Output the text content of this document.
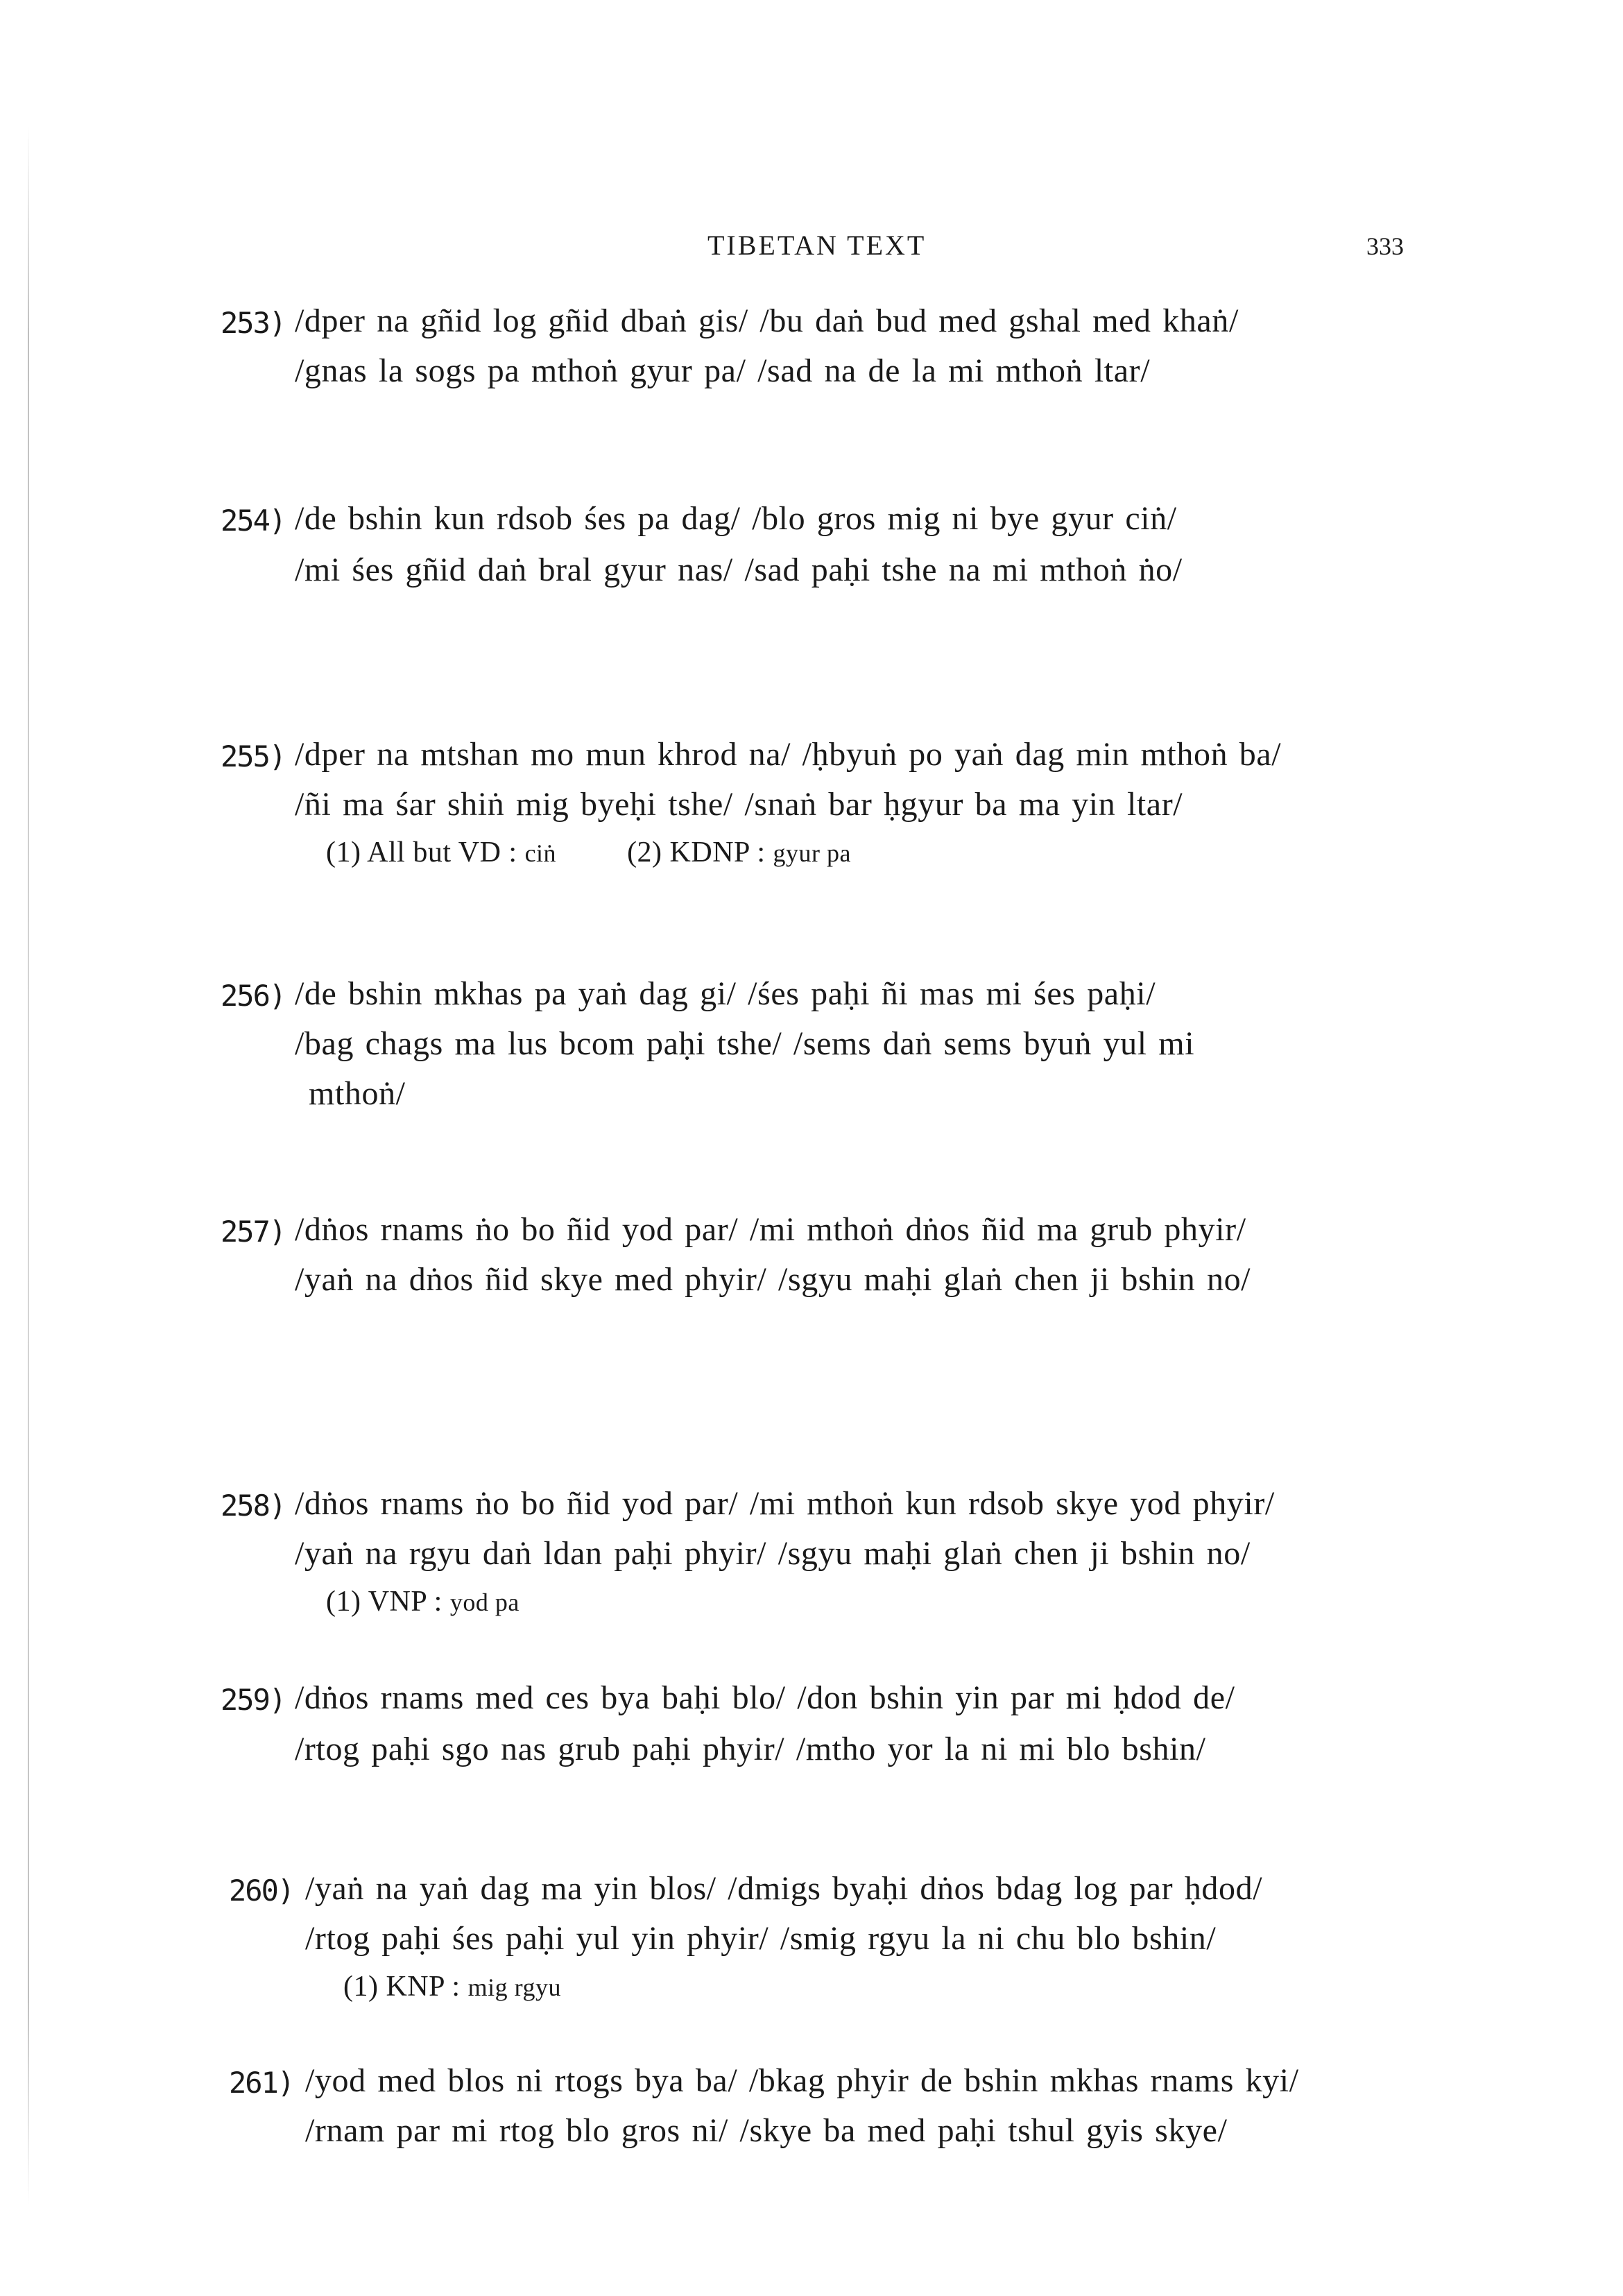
TIBETAN TEXT	333
253) /dper na gñid log gñid dbaṅ gis/ /bu daṅ bud med gshal med khaṅ/
/gnas la sogs pa mthoṅ gyur pa/ /sad na de la mi mthoṅ ltar/
254) /de bshin kun rdsob śes pa dag/ /blo gros mig ni bye gyur ciṅ/
/mi śes gñid daṅ bral gyur nas/ /sad paḥi tshe na mi mthoṅ ṅo/
255) /dper na mtshan mo mun khrod na/ /ḥbyuṅ po yaṅ dag min mthoṅ ba/
/ñi ma śar shiṅ mig byeḥi tshe/ /snaṅ bar ḥgyur ba ma yin ltar/
(1) All but VD : ciṅ (2) KDNP : gyur pa
256) /de bshin mkhas pa yaṅ dag gi/ /śes paḥi ñi mas mi śes paḥi/
/bag chags ma lus bcom paḥi tshe/ /sems daṅ sems byuṅ yul mi
mthoṅ/
257) /dṅos rnams ṅo bo ñid yod par/ /mi mthoṅ dṅos ñid ma grub phyir/
/yaṅ na dṅos ñid skye med phyir/ /sgyu maḥi glaṅ chen ji bshin no/
258) /dṅos rnams ṅo bo ñid yod par/ /mi mthoṅ kun rdsob skye yod phyir/
/yaṅ na rgyu daṅ ldan paḥi phyir/ /sgyu maḥi glaṅ chen ji bshin no/
(1) VNP : yod pa
259) /dṅos rnams med ces bya baḥi blo/ /don bshin yin par mi ḥdod de/
/rtog paḥi sgo nas grub paḥi phyir/ /mtho yor la ni mi blo bshin/
260) /yaṅ na yaṅ dag ma yin blos/ /dmigs byaḥi dṅos bdag log par ḥdod/
/rtog paḥi śes paḥi yul yin phyir/ /smig rgyu la ni chu blo bshin/
(1) KNP : mig rgyu
261) /yod med blos ni rtogs bya ba/ /bkag phyir de bshin mkhas rnams kyi/
/rnam par mi rtog blo gros ni/ /skye ba med paḥi tshul gyis skye/
